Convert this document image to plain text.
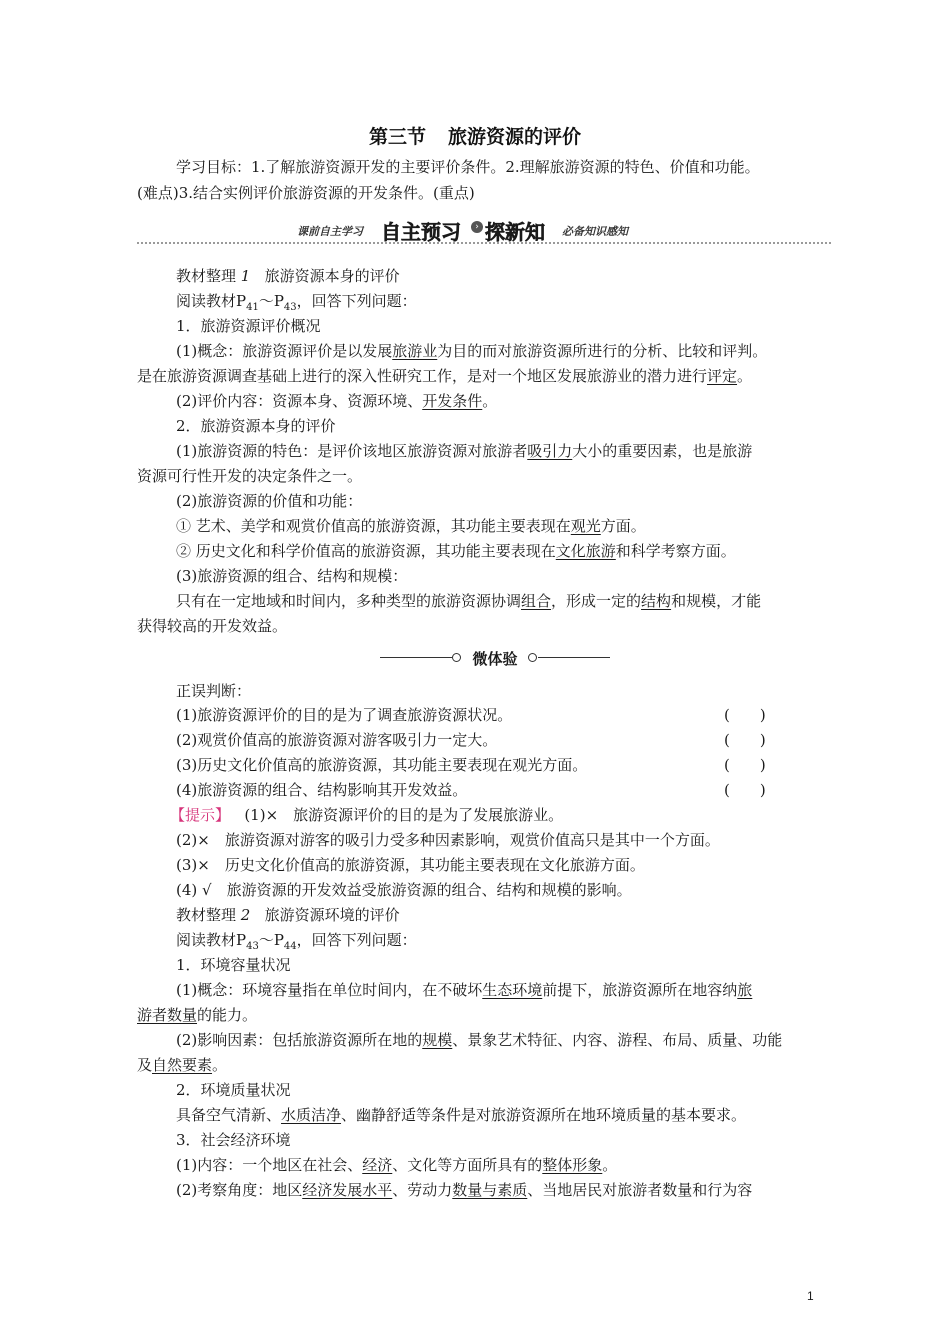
第三节 旅游资源的评价
学习目标：1.了解旅游资源开发的主要评价条件。2.理解旅游资源的特色、价值和功能。
(难点)3.结合实例评价旅游资源的开发条件。(重点)
课前自主学习 自主预习	› 探新知 必备知识感知
教材整理 1 旅游资源本身的评价
阅读教材$P_{41}\sim P_{43}$，回答下列问题：
1．旅游资源评价概况
(1)概念：旅游资源评价是以发展旅游业为目的而对旅游资源所进行的分析、比较和评判。
是在旅游资源调查基础上进行的深入性研究工作，是对一个地区发展旅游业的潜力进行评定。
(2)评价内容：资源本身、资源环境、开发条件。
2．旅游资源本身的评价
(1)旅游资源的特色：是评价该地区旅游资源对旅游者吸引力大小的重要因素，也是旅游
资源可行性开发的决定条件之一。
(2)旅游资源的价值和功能：
① 艺术、美学和观赏价值高的旅游资源，其功能主要表现在观光方面。
② 历史文化和科学价值高的旅游资源，其功能主要表现在文化旅游和科学考察方面。
(3)旅游资源的组合、结构和规模：
只有在一定地域和时间内，多种类型的旅游资源协调组合，形成一定的结构和规模，才能
获得较高的开发效益。
微体验
正误判断：
(1)旅游资源评价的目的是为了调查旅游资源状况。	(　　)
(2)观赏价值高的旅游资源对游客吸引力一定大。	(　　)
(3)历史文化价值高的旅游资源，其功能主要表现在观光方面。	(　　)
(4)旅游资源的组合、结构影响其开发效益。	(　　)
【提示】 (1)×　旅游资源评价的目的是为了发展旅游业。
(2)×　旅游资源对游客的吸引力受多种因素影响，观赏价值高只是其中一个方面。
(3)×　历史文化价值高的旅游资源，其功能主要表现在文化旅游方面。
(4) √　旅游资源的开发效益受旅游资源的组合、结构和规模的影响。
教材整理 2 旅游资源环境的评价
阅读教材$P_{43}\sim P_{44}$，回答下列问题：
1．环境容量状况
(1)概念：环境容量指在单位时间内，在不破坏生态环境前提下，旅游资源所在地容纳旅
游者数量的能力。
(2)影响因素：包括旅游资源所在地的规模、景象艺术特征、内容、游程、布局、质量、功能
及自然要素。
2．环境质量状况
具备空气清新、水质洁净、幽静舒适等条件是对旅游资源所在地环境质量的基本要求。
3．社会经济环境
(1)内容：一个地区在社会、经济、文化等方面所具有的整体形象。
(2)考察角度：地区经济发展水平、劳动力数量与素质、当地居民对旅游者数量和行为容
1
